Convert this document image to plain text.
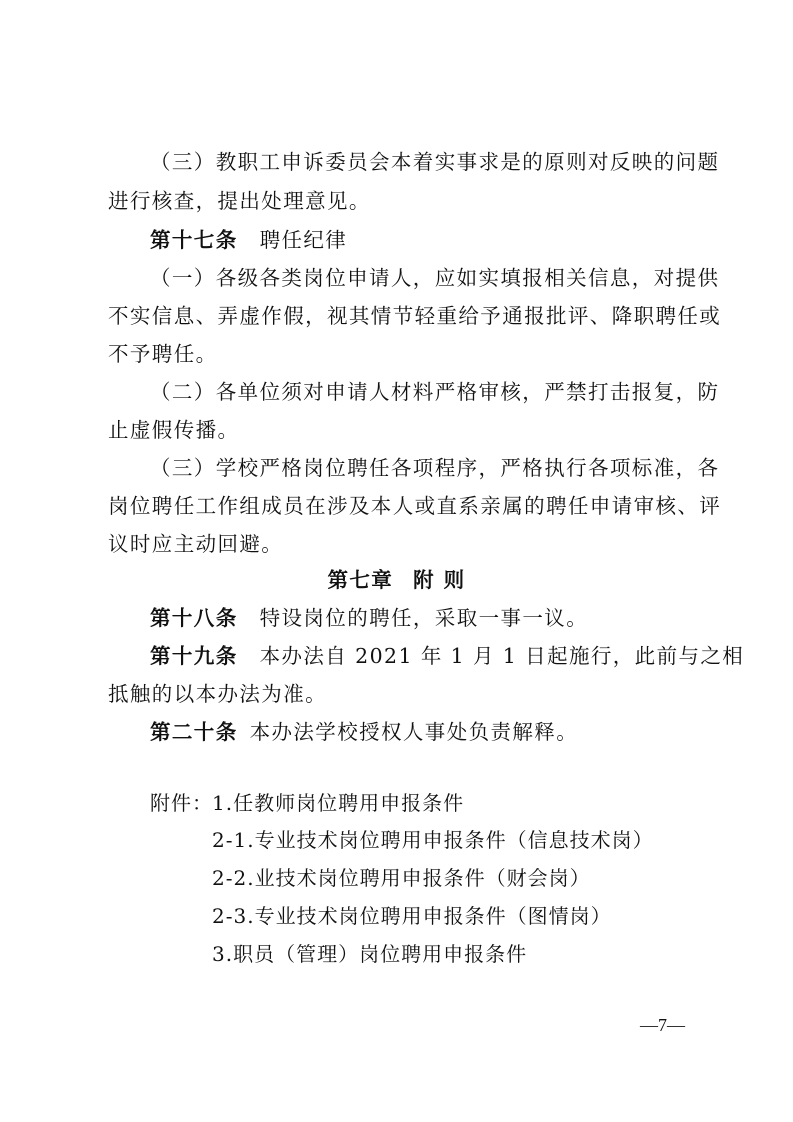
（三）教职工申诉委员会本着实事求是的原则对反映的问题
进行核查，提出处理意见。
第十七条 聘任纪律
（一）各级各类岗位申请人，应如实填报相关信息，对提供
不实信息、弄虚作假，视其情节轻重给予通报批评、降职聘任或
不予聘任。
（二）各单位须对申请人材料严格审核，严禁打击报复，防
止虚假传播。
（三）学校严格岗位聘任各项程序，严格执行各项标准，各
岗位聘任工作组成员在涉及本人或直系亲属的聘任申请审核、评
议时应主动回避。
第七章 附 则
第十八条 特设岗位的聘任，采取一事一议。
第十九条 本办法自 2021 年 1 月 1 日起施行，此前与之相
抵触的以本办法为准。
第二十条 本办法学校授权人事处负责解释。
附件： 1.任教师岗位聘用申报条件
2-1.专业技术岗位聘用申报条件（信息技术岗）
2-2.业技术岗位聘用申报条件（财会岗）
2-3.专业技术岗位聘用申报条件（图情岗）
3.职员（管理）岗位聘用申报条件
—7—
